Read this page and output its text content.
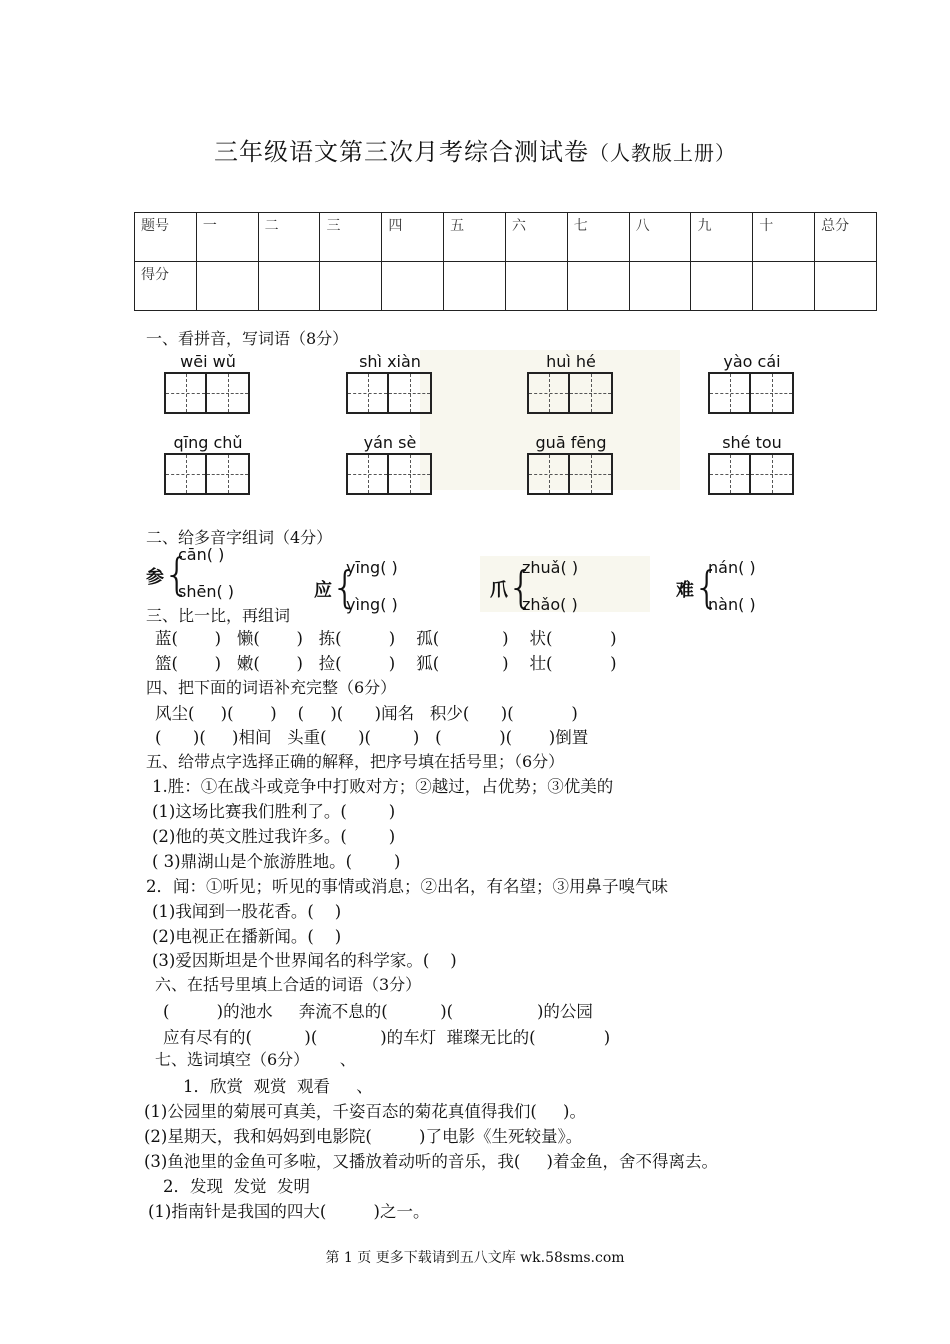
三年级语文第三次月考综合测试卷（人教版上册）
题号	一	二	三	四	五	六	七	八	九	十	总分
得分											
一、看拼音，写词语（8分）
wēi wǔ	shì xiàn	huì hé	yào cái
qīng chǔ	yán sè	guā fēng	shé tou
二、给多音字组词（4分）
参 {
cān( )
shēn( )	应 {
yīng( )
yìng( )
爪 {
zhuǎ( )
zhǎo( )
难 {
nán( )
nàn( )
三、比一比，再组词
蓝(       )   懒(       )   拣(         )    孤(            )    状(           )
篮(       )   嫩(       )   捡(         )    狐(            )    壮(           )
四、把下面的词语补充完整（6分）
风尘(     )(       )    (     )(      )闻名   积少(      )(           )
(      )(     )相间   头重(      )(        )   (           )(       )倒置
五、给带点字选择正确的解释，把序号填在括号里；（6分）
1.胜：①在战斗或竞争中打败对方；②越过，占优势；③优美的
(1)这场比赛我们胜利了。(        )
(2)他的英文胜过我许多。(        )
( 3)鼎湖山是个旅游胜地。(        )
2．闻：①听见；听见的事情或消息；②出名，有名望；③用鼻子嗅气味
(1)我闻到一股花香。(    )
(2)电视正在播新闻。(    )
(3)爱因斯坦是个世界闻名的科学家。(    )
六、在括号里填上合适的词语（3分）
(         )的池水     奔流不息的(          )(                )的公园
应有尽有的(          )(            )的车灯  璀璨无比的(             )
七、选词填空（6分）      、
1．欣赏  观赏  观看     、
(1)公园里的菊展可真美，千姿百态的菊花真值得我们(     )。
(2)星期天，我和妈妈到电影院(         )了电影《生死较量》。
(3)鱼池里的金鱼可多啦，又播放着动听的音乐，我(     )着金鱼，舍不得离去。
2．发现  发觉  发明
(1)指南针是我国的四大(         )之一。
第 1 页 更多下载请到五八文库 wk.58sms.com
